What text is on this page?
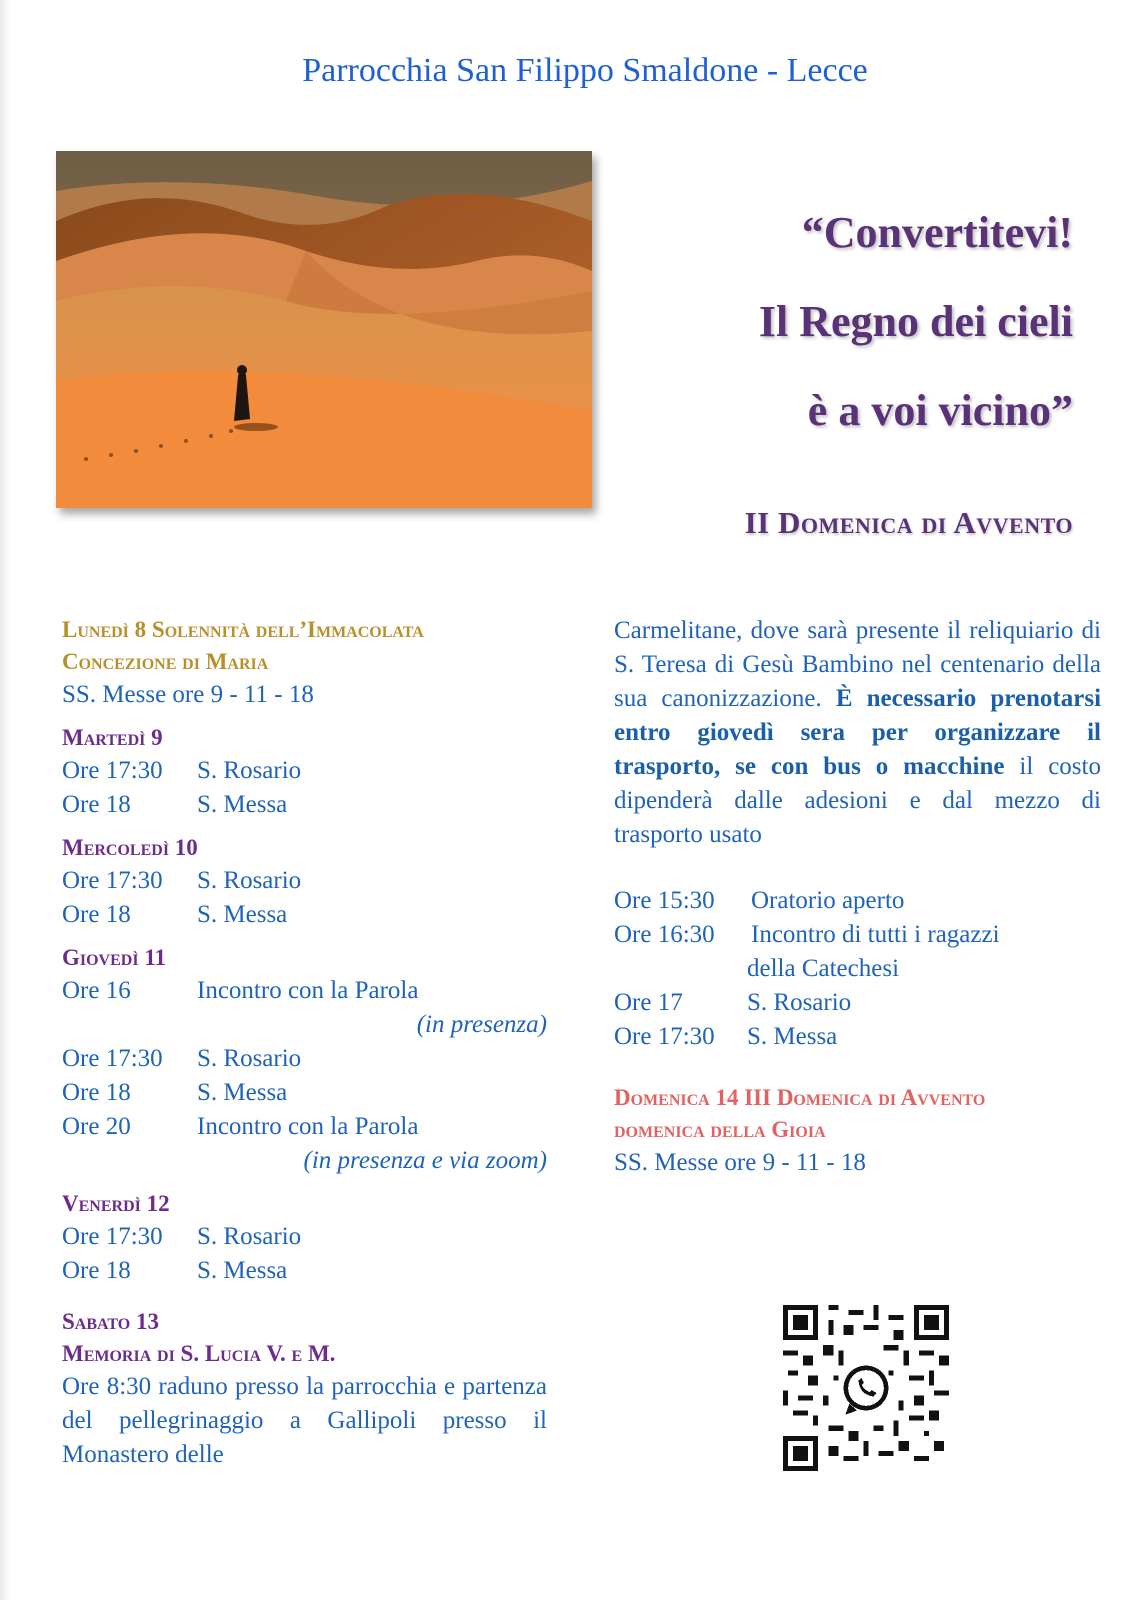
Parrocchia San Filippo Smaldone - Lecce
“Convertitevi!
Il Regno dei cieli
è a voi vicino”
II Domenica di Avvento
Lunedì 8 Solennità dell’Immacolata
Concezione di Maria
SS. Messe ore 9 - 11 - 18
Martedì 9
Ore 17:30	S. Rosario
Ore 18	S. Messa
Mercoledì 10
Ore 17:30	S. Rosario
Ore 18	S. Messa
Giovedì 11
Ore 16	Incontro con la Parola
(in presenza)
Ore 17:30	S. Rosario
Ore 18	S. Messa
Ore 20	Incontro con la Parola
(in presenza e via zoom)
Venerdì 12
Ore 17:30	S. Rosario
Ore 18	S. Messa
Sabato 13
Memoria di S. Lucia V. e M.
Ore 8:30 raduno presso la parrocchia e partenza del pellegrinaggio a Gallipoli presso il Monastero delle
Carmelitane, dove sarà presente il reliquiario di S. Teresa di Gesù Bambino nel centenario della sua canonizzazione. È necessario prenotarsi entro giovedì sera per organizzare il trasporto, se con bus o macchine il costo dipenderà dalle adesioni e dal mezzo di trasporto usato
Ore 15:30	Oratorio aperto
Ore 16:30	Incontro di tutti i ragazzi
della Catechesi
Ore 17	S. Rosario
Ore 17:30	S. Messa
Domenica 14 III Domenica di Avvento
domenica della Gioia
SS. Messe ore 9 - 11 - 18
